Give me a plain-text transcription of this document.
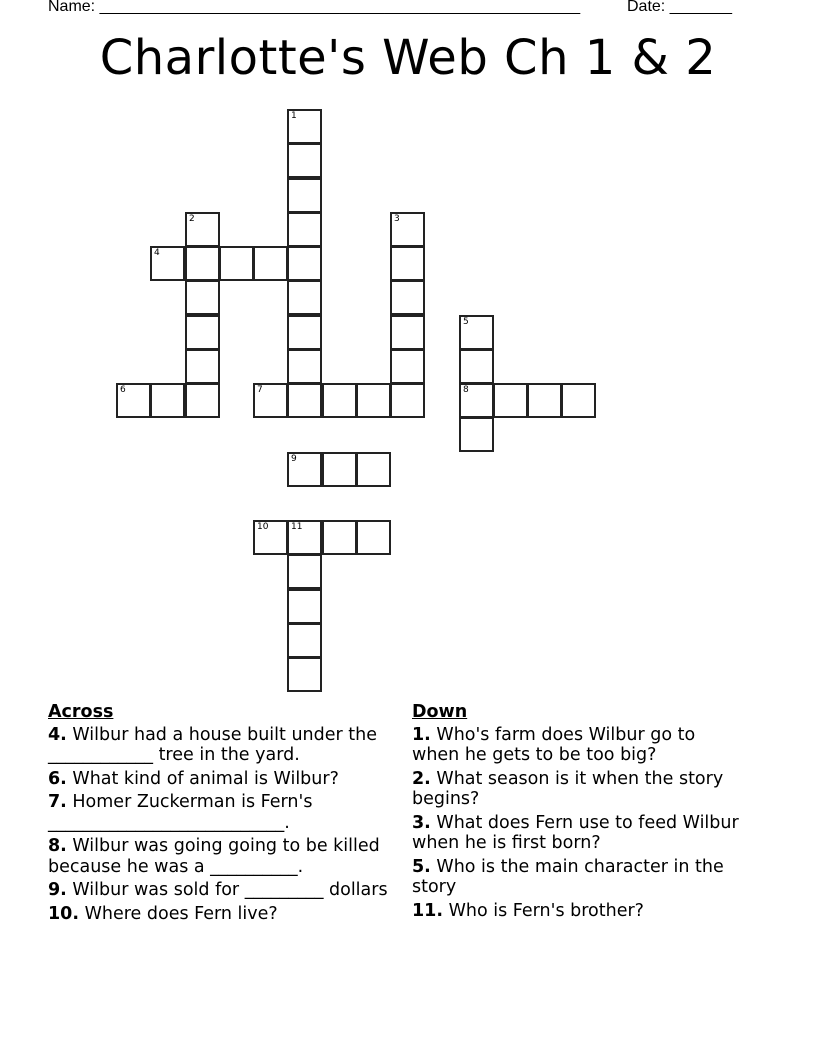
Name: ______________________________________________________	Date: _______
Charlotte's Web Ch 1 & 2
1
2	3
4
5
8
6	7
9
10	11
Across
4. Wilbur had a house built under the ____________ tree in the yard.
6. What kind of animal is Wilbur?
7. Homer Zuckerman is Fern's ___________________________.
8. Wilbur was going going to be killed because he was a __________.
9. Wilbur was sold for _________ dollars
10. Where does Fern live?
Down
1. Who's farm does Wilbur go to when he gets to be too big?
2. What season is it when the story begins?
3. What does Fern use to feed Wilbur when he is first born?
5. Who is the main character in the story
11. Who is Fern's brother?
